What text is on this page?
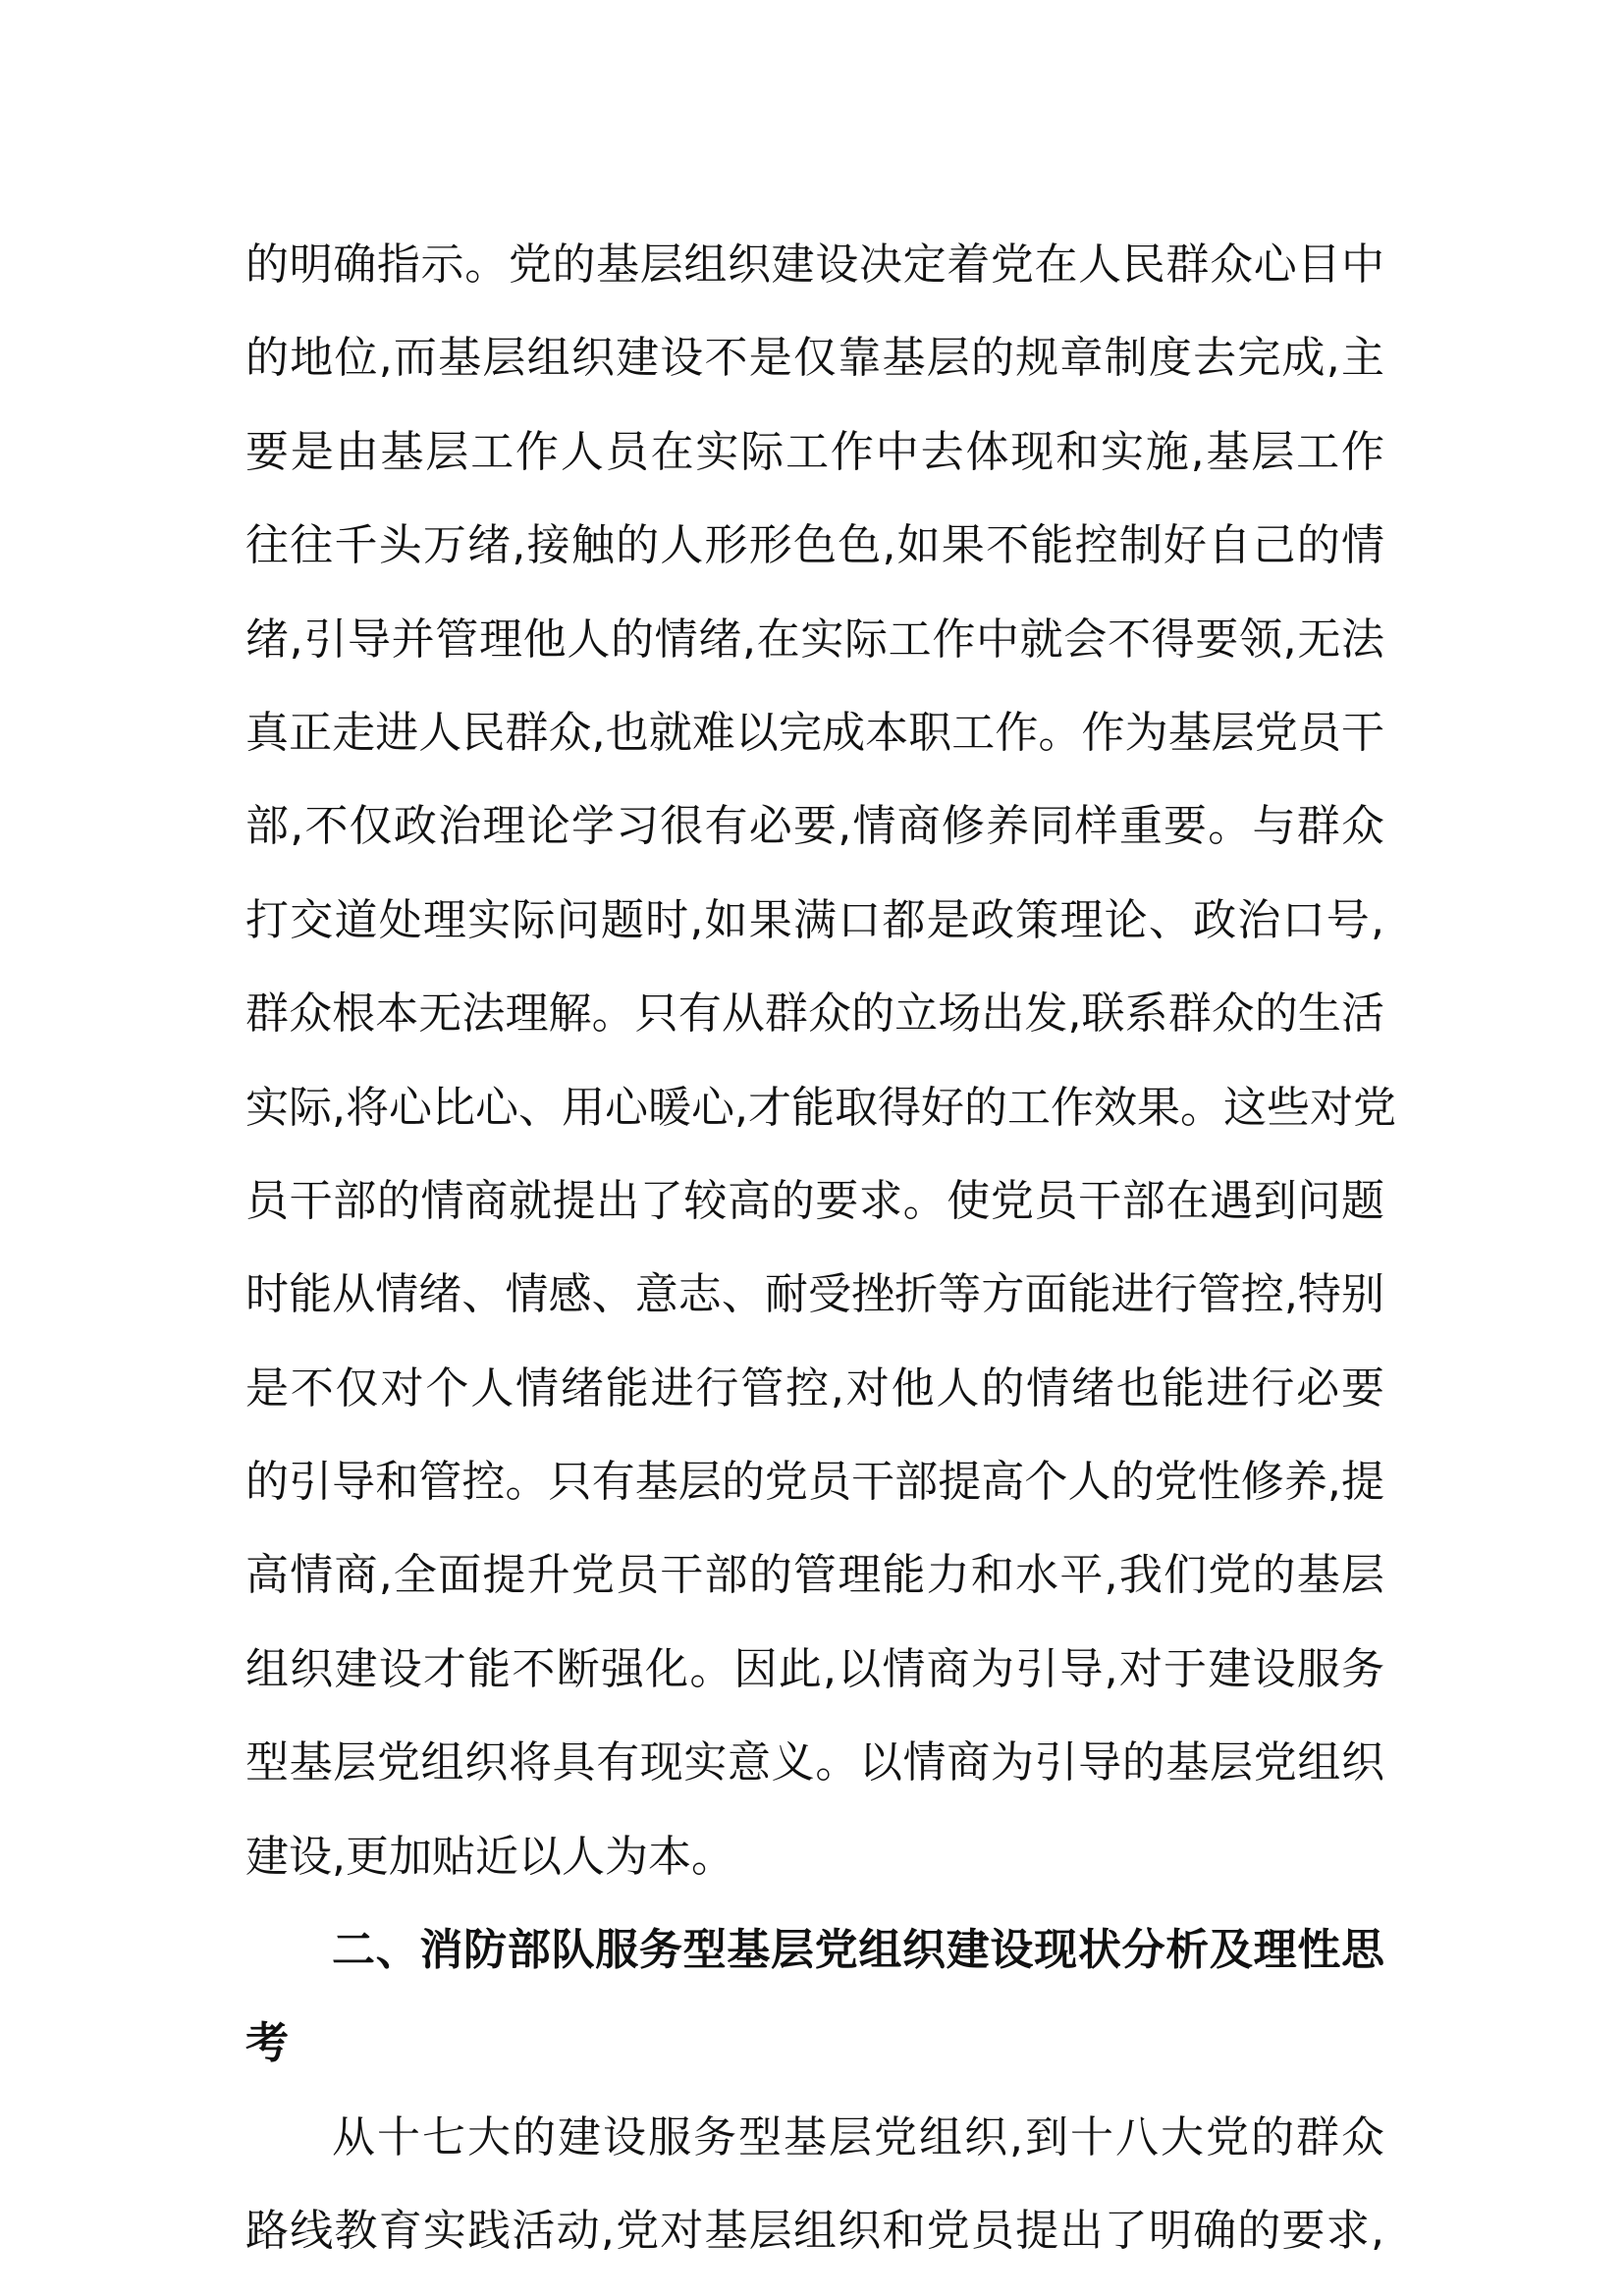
的明确指示。党的基层组织建设决定着党在人民群众心目中
的地位,而基层组织建设不是仅靠基层的规章制度去完成,主
要是由基层工作人员在实际工作中去体现和实施,基层工作
往往千头万绪,接触的人形形色色,如果不能控制好自己的情
绪,引导并管理他人的情绪,在实际工作中就会不得要领,无法
真正走进人民群众,也就难以完成本职工作。作为基层党员干
部,不仅政治理论学习很有必要,情商修养同样重要。与群众
打交道处理实际问题时,如果满口都是政策理论、政治口号,
群众根本无法理解。只有从群众的立场出发,联系群众的生活
实际,将心比心、用心暖心,才能取得好的工作效果。这些对党
员干部的情商就提出了较高的要求。使党员干部在遇到问题
时能从情绪、情感、意志、耐受挫折等方面能进行管控,特别
是不仅对个人情绪能进行管控,对他人的情绪也能进行必要
的引导和管控。只有基层的党员干部提高个人的党性修养,提
高情商,全面提升党员干部的管理能力和水平,我们党的基层
组织建设才能不断强化。因此,以情商为引导,对于建设服务
型基层党组织将具有现实意义。以情商为引导的基层党组织
建设,更加贴近以人为本。
二、消防部队服务型基层党组织建设现状分析及理性思
考
从十七大的建设服务型基层党组织,到十八大党的群众
路线教育实践活动,党对基层组织和党员提出了明确的要求,
